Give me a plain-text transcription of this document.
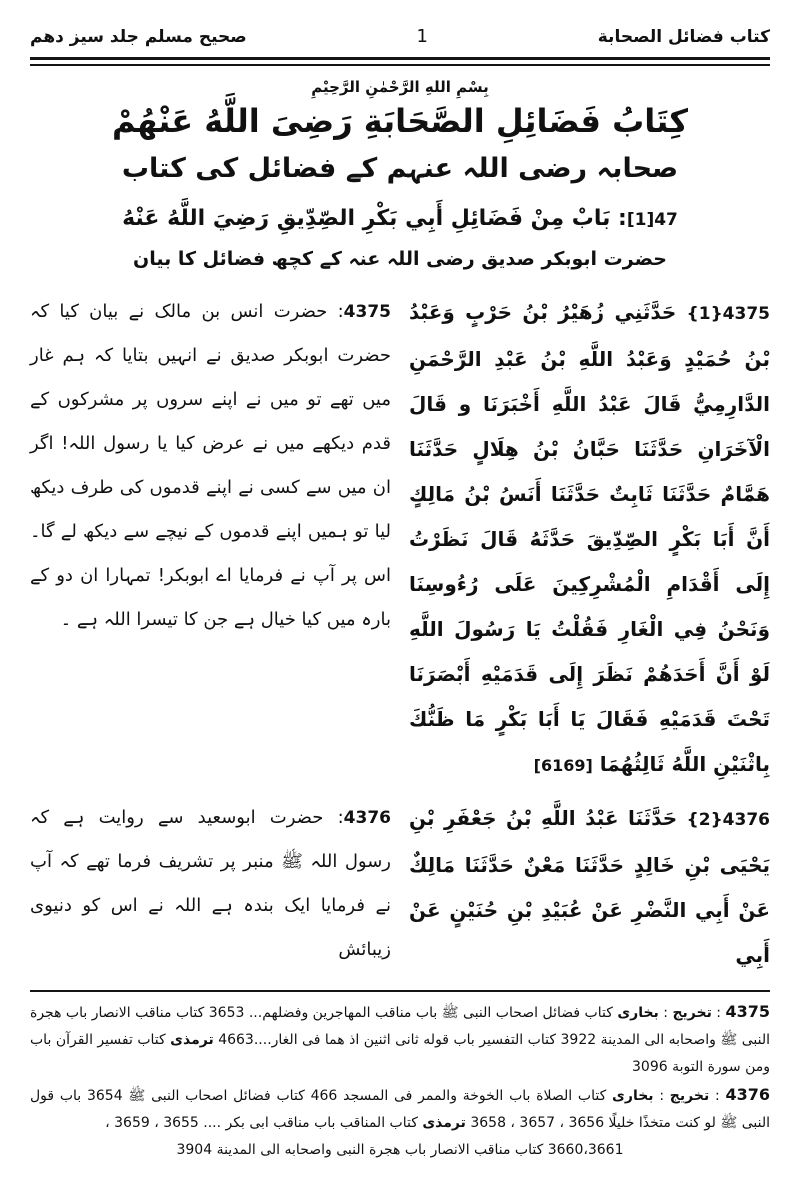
صحيح مسلم جلد سيز دهم	1	كتاب فضائل الصحابة
بِسْمِ اللهِ الرَّحْمٰنِ الرَّحِيْمِ
كِتَابُ فَضَائِلِ الصَّحَابَةِ رَضِىَ اللَّهُ عَنْهُمْ
صحابہ رضی اللہ عنہم کے فضائل کی کتاب
[1]47: بَابْ مِنْ فَضَائِلِ أَبِي بَكْرِ الصِّدِّيقِ رَضِيَ اللَّهُ عَنْهُ
حضرت ابوبکر صدیق رضی اللہ عنہ کے کچھ فضائل کا بیان
4375: حضرت انس بن مالک نے بیان کیا کہ حضرت ابوبکر صدیق نے انہیں بتایا کہ ہم غار میں تھے تو میں نے اپنے سروں پر مشرکوں کے قدم دیکھے میں نے عرض کیا یا رسول اللہ! اگر ان میں سے کسی نے اپنے قدموں کی طرف دیکھ لیا تو ہمیں اپنے قدموں کے نیچے سے دیکھ لے گا۔ اس پر آپ نے فرمایا اے ابوبکر! تمہارا ان دو کے بارہ میں کیا خیال ہے جن کا تیسرا اللہ ہے ۔
{1}4375 حَدَّثَنِي زُهَيْرُ بْنُ حَرْبٍ وَعَبْدُ بْنُ حُمَيْدٍ وَعَبْدُ اللَّهِ بْنُ عَبْدِ الرَّحْمَنِ الدَّارِمِيُّ قَالَ عَبْدُ اللَّهِ أَخْبَرَنَا و قَالَ الْآخَرَانِ حَدَّثَنَا حَبَّانُ بْنُ هِلَالٍ حَدَّثَنَا هَمَّامٌ حَدَّثَنَا ثَابِتٌ حَدَّثَنَا أَنَسُ بْنُ مَالِكٍ أَنَّ أَبَا بَكْرٍ الصِّدِّيقَ حَدَّثَهُ قَالَ نَظَرْتُ إِلَى أَقْدَامِ الْمُشْرِكِينَ عَلَى رُءُوسِنَا وَنَحْنُ فِي الْغَارِ فَقُلْتُ يَا رَسُولَ اللَّهِ لَوْ أَنَّ أَحَدَهُمْ نَظَرَ إِلَى قَدَمَيْهِ أَبْصَرَنَا تَحْتَ قَدَمَيْهِ فَقَالَ يَا أَبَا بَكْرٍ مَا ظَنُّكَ بِاثْنَيْنِ اللَّهُ ثَالِثُهُمَا [6169]
4376: حضرت ابوسعید سے روایت ہے کہ رسول اللہ ﷺ منبر پر تشریف فرما تھے کہ آپ نے فرمایا ایک بندہ ہے اللہ نے اس کو دنیوی زیبائش
{2}4376 حَدَّثَنَا عَبْدُ اللَّهِ بْنُ جَعْفَرِ بْنِ يَحْيَى بْنِ خَالِدٍ حَدَّثَنَا مَعْنٌ حَدَّثَنَا مَالِكٌ عَنْ أَبِي النَّضْرِ عَنْ عُبَيْدِ بْنِ حُنَيْنٍ عَنْ أَبِي

4375 : تخريج : بخارى كتاب فضائل اصحاب النبى ﷺ باب مناقب المهاجرين وفضلهم... 3653 كتاب مناقب الانصار باب هجرة النبى ﷺ واصحابه الى المدينة 3922 كتاب التفسير باب قوله ثانى اثنين اذ هما فى الغار....4663 ترمذى كتاب تفسير القرآن باب ومن سورة التوبة 3096

4376 : تخريج : بخارى كتاب الصلاة باب الخوخة والممر فى المسجد 466 كتاب فضائل اصحاب النبى ﷺ 3654 باب قول النبى ﷺ لو كنت متخذًا خليلًا 3656 ، 3657 ، 3658 ترمذى كتاب المناقب باب مناقب ابى بكر .... 3655 ، 3659 ،

3660،3661 كتاب مناقب الانصار باب هجرة النبى واصحابه الى المدينة 3904
